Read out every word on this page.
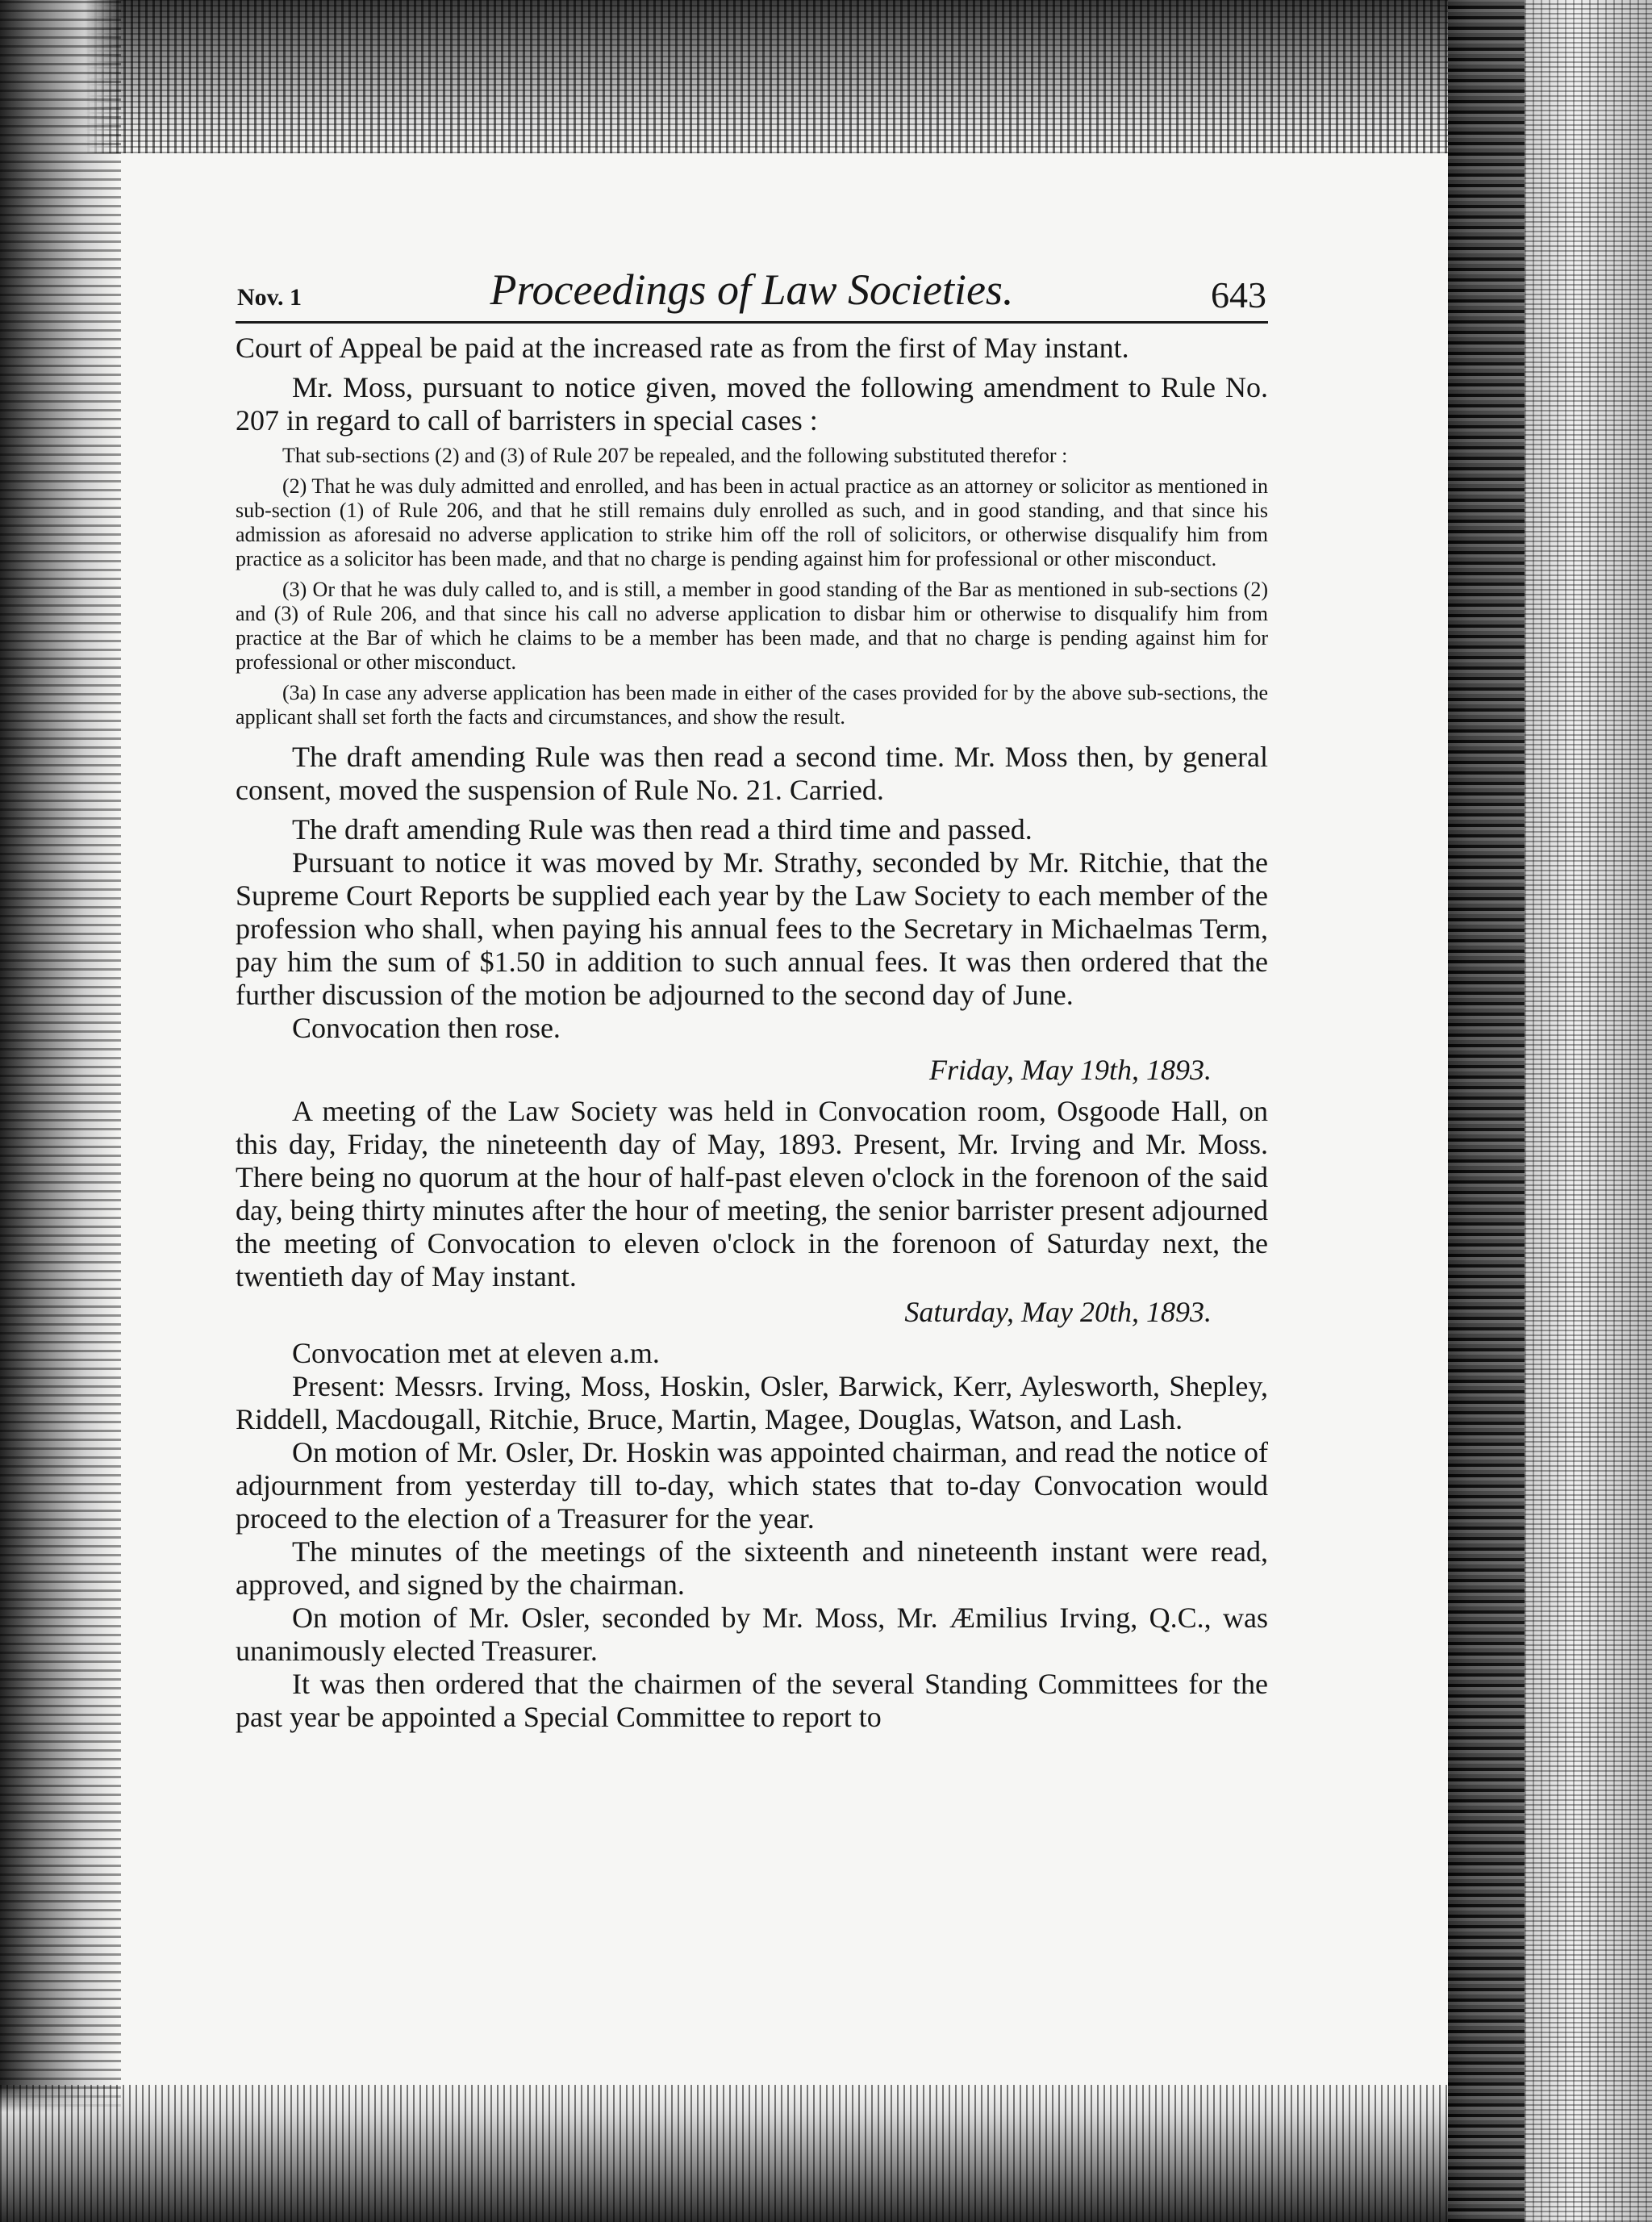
Nov. 1	Proceedings of Law Societies.	643

Court of Appeal be paid at the increased rate as from the first of May instant.

Mr. Moss, pursuant to notice given, moved the following amendment to Rule No. 207 in regard to call of barristers in special cases :

That sub-sections (2) and (3) of Rule 207 be repealed, and the following substituted therefor :

(2) That he was duly admitted and enrolled, and has been in actual practice as an attorney or solicitor as mentioned in sub-section (1) of Rule 206, and that he still remains duly enrolled as such, and in good standing, and that since his admission as aforesaid no adverse application to strike him off the roll of solicitors, or otherwise disqualify him from practice as a solicitor has been made, and that no charge is pending against him for professional or other misconduct.

(3) Or that he was duly called to, and is still, a member in good standing of the Bar as mentioned in sub-sections (2) and (3) of Rule 206, and that since his call no adverse application to disbar him or otherwise to disqualify him from practice at the Bar of which he claims to be a member has been made, and that no charge is pending against him for professional or other misconduct.

(3a) In case any adverse application has been made in either of the cases provided for by the above sub-sections, the applicant shall set forth the facts and circumstances, and show the result.

The draft amending Rule was then read a second time. Mr. Moss then, by general consent, moved the suspension of Rule No. 21. Carried.

The draft amending Rule was then read a third time and passed.

Pursuant to notice it was moved by Mr. Strathy, seconded by Mr. Ritchie, that the Supreme Court Reports be supplied each year by the Law Society to each member of the profession who shall, when paying his annual fees to the Secretary in Michaelmas Term, pay him the sum of $1.50 in addition to such annual fees. It was then ordered that the further discussion of the motion be adjourned to the second day of June.

Convocation then rose.

Friday, May 19th, 1893.

A meeting of the Law Society was held in Convocation room, Osgoode Hall, on this day, Friday, the nineteenth day of May, 1893. Present, Mr. Irving and Mr. Moss. There being no quorum at the hour of half-past eleven o'clock in the forenoon of the said day, being thirty minutes after the hour of meeting, the senior barrister present adjourned the meeting of Convocation to eleven o'clock in the forenoon of Saturday next, the twentieth day of May instant.

Saturday, May 20th, 1893.

Convocation met at eleven a.m.

Present: Messrs. Irving, Moss, Hoskin, Osler, Barwick, Kerr, Aylesworth, Shepley, Riddell, Macdougall, Ritchie, Bruce, Martin, Magee, Douglas, Watson, and Lash.

On motion of Mr. Osler, Dr. Hoskin was appointed chairman, and read the notice of adjournment from yesterday till to-day, which states that to-day Convocation would proceed to the election of a Treasurer for the year.

The minutes of the meetings of the sixteenth and nineteenth instant were read, approved, and signed by the chairman.

On motion of Mr. Osler, seconded by Mr. Moss, Mr. Æmilius Irving, Q.C., was unanimously elected Treasurer.

It was then ordered that the chairmen of the several Standing Committees for the past year be appointed a Special Committee to report to
